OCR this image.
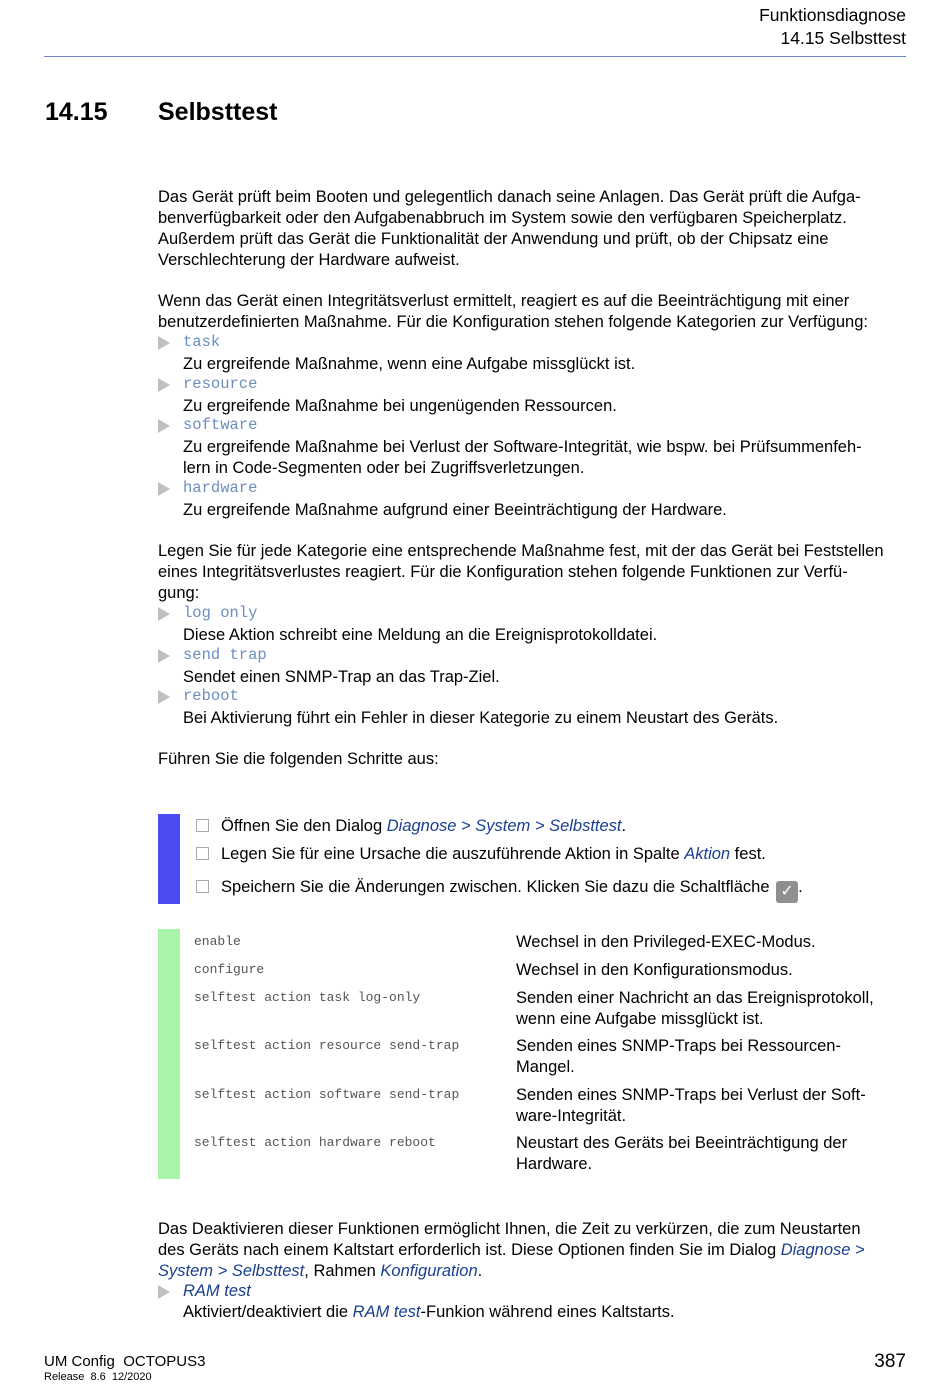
Funktionsdiagnose
14.15 Selbsttest
14.15 Selbsttest
Das Gerät prüft beim Booten und gelegentlich danach seine Anlagen. Das Gerät prüft die Aufga-
benverfügbarkeit oder den Aufgabenabbruch im System sowie den verfügbaren Speicherplatz.
Außerdem prüft das Gerät die Funktionalität der Anwendung und prüft, ob der Chipsatz eine
Verschlechterung der Hardware aufweist.
Wenn das Gerät einen Integritätsverlust ermittelt, reagiert es auf die Beeinträchtigung mit einer
benutzerdefinierten Maßnahme. Für die Konfiguration stehen folgende Kategorien zur Verfügung:
task
Zu ergreifende Maßnahme, wenn eine Aufgabe missglückt ist.
resource
Zu ergreifende Maßnahme bei ungenügenden Ressourcen.
software
Zu ergreifende Maßnahme bei Verlust der Software-Integrität, wie bspw. bei Prüfsummenfeh-
lern in Code-Segmenten oder bei Zugriffsverletzungen.
hardware
Zu ergreifende Maßnahme aufgrund einer Beeinträchtigung der Hardware.
Legen Sie für jede Kategorie eine entsprechende Maßnahme fest, mit der das Gerät bei Feststellen
eines Integritätsverlustes reagiert. Für die Konfiguration stehen folgende Funktionen zur Verfü-
gung:
log only
Diese Aktion schreibt eine Meldung an die Ereignisprotokolldatei.
send trap
Sendet einen SNMP-Trap an das Trap-Ziel.
reboot
Bei Aktivierung führt ein Fehler in dieser Kategorie zu einem Neustart des Geräts.
Führen Sie die folgenden Schritte aus:
Öffnen Sie den Dialog Diagnose > System > Selbsttest.
Legen Sie für eine Ursache die auszuführende Aktion in Spalte Aktion fest.
Speichern Sie die Änderungen zwischen. Klicken Sie dazu die Schaltfläche ✓ .
enable	Wechsel in den Privileged-EXEC-Modus.
configure	Wechsel in den Konfigurationsmodus.
selftest action task log-only	Senden einer Nachricht an das Ereignisprotokoll,
wenn eine Aufgabe missglückt ist.
selftest action resource send-trap	Senden eines SNMP-Traps bei Ressourcen-
Mangel.
selftest action software send-trap	Senden eines SNMP-Traps bei Verlust der Soft-
ware-Integrität.
selftest action hardware reboot	Neustart des Geräts bei Beeinträchtigung der
Hardware.
Das Deaktivieren dieser Funktionen ermöglicht Ihnen, die Zeit zu verkürzen, die zum Neustarten
des Geräts nach einem Kaltstart erforderlich ist. Diese Optionen finden Sie im Dialog Diagnose >
System > Selbsttest, Rahmen Konfiguration.
RAM test
Aktiviert/deaktiviert die RAM test-Funkion während eines Kaltstarts.
UM Config  OCTOPUS3
Release  8.6  12/2020
387
